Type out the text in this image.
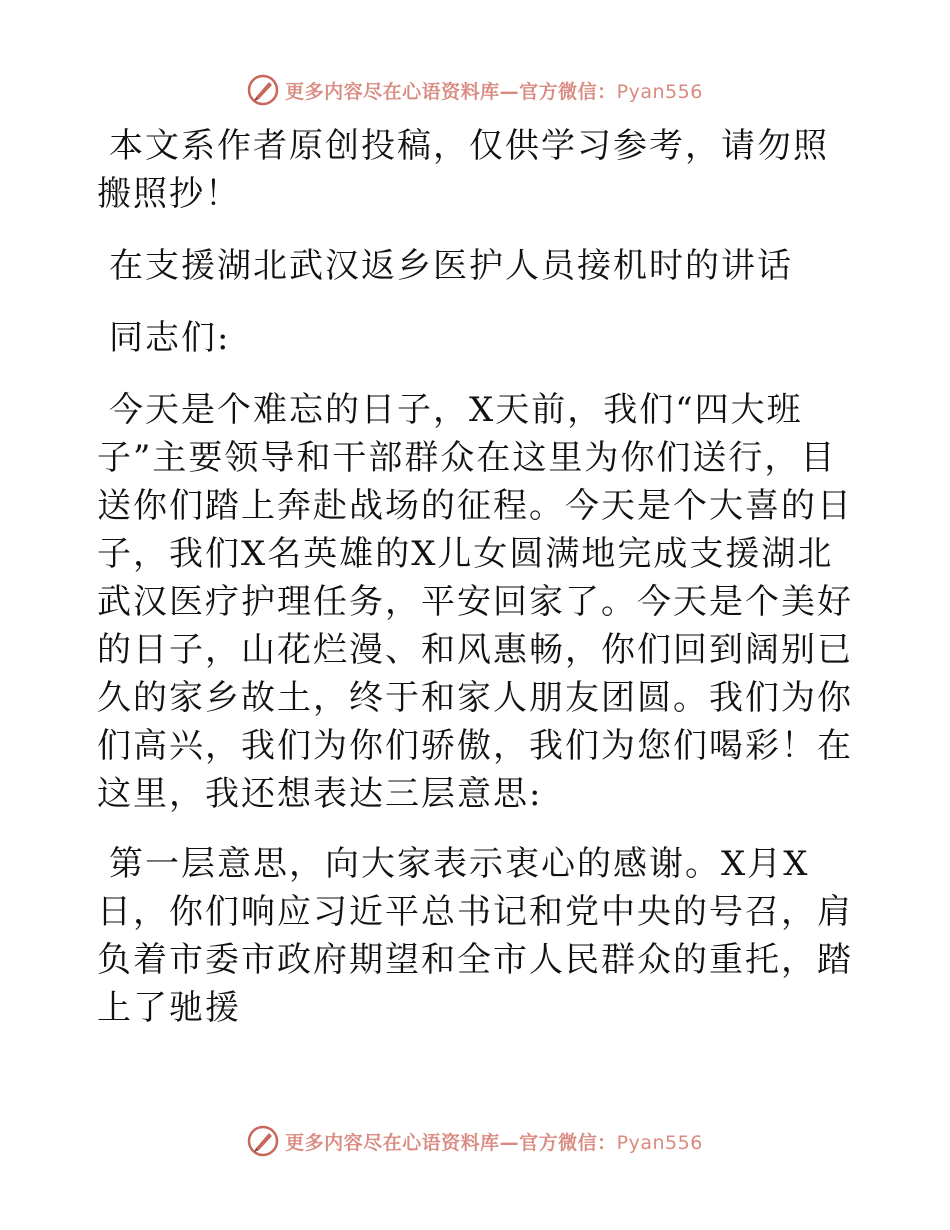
更多内容尽在心语资料库—官方微信：Pyan556

本文系作者原创投稿，仅供学习参考，请勿照搬照抄！

在支援湖北武汉返乡医护人员接机时的讲话

同志们:

今天是个难忘的日子，X天前，我们“四大班子”主要领导和干部群众在这里为你们送行，目送你们踏上奔赴战场的征程。今天是个大喜的日子，我们X名英雄的X儿女圆满地完成支援湖北武汉医疗护理任务，平安回家了。今天是个美好的日子，山花烂漫、和风惠畅，你们回到阔别已久的家乡故土，终于和家人朋友团圆。我们为你们高兴，我们为你们骄傲，我们为您们喝彩！在这里，我还想表达三层意思:

第一层意思，向大家表示衷心的感谢。X月X日，你们响应习近平总书记和党中央的号召，肩负着市委市政府期望和全市人民群众的重托，踏上了驰援

更多内容尽在心语资料库—官方微信：Pyan556
